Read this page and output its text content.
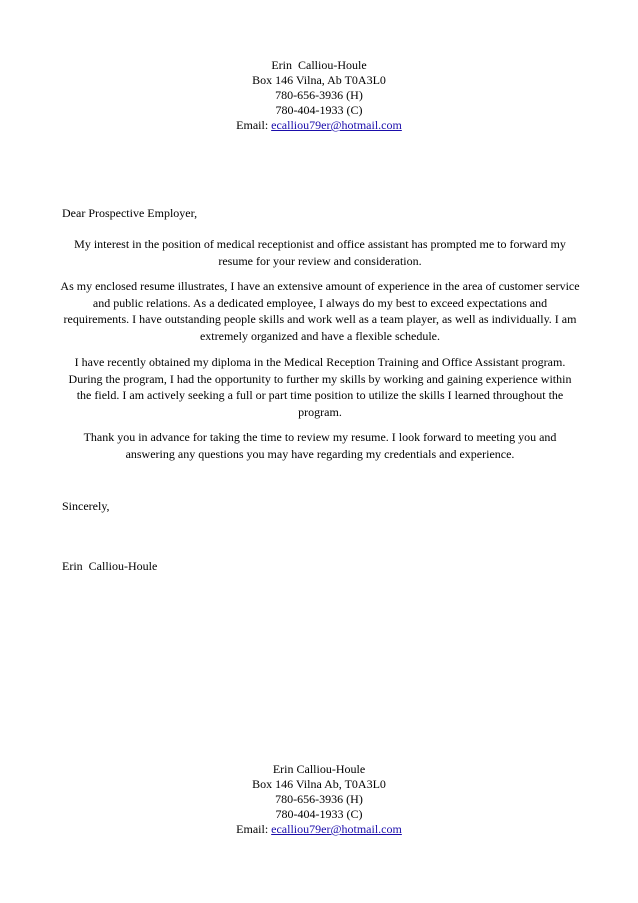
Erin  Calliou-Houle
Box 146 Vilna, Ab T0A3L0
780-656-3936 (H)
780-404-1933 (C)
Email: ecalliou79er@hotmail.com
Dear Prospective Employer,
My interest in the position of medical receptionist and office assistant has prompted me to forward my resume for your review and consideration.
As my enclosed resume illustrates, I have an extensive amount of experience in the area of customer service and public relations. As a dedicated employee, I always do my best to exceed expectations and requirements. I have outstanding people skills and work well as a team player, as well as individually. I am extremely organized and have a flexible schedule.
I have recently obtained my diploma in the Medical Reception Training and Office Assistant program. During the program, I had the opportunity to further my skills by working and gaining experience within the field. I am actively seeking a full or part time position to utilize the skills I learned throughout the program.
Thank you in advance for taking the time to review my resume. I look forward to meeting you and answering any questions you may have regarding my credentials and experience.
Sincerely,
Erin  Calliou-Houle
Erin Calliou-Houle
Box 146 Vilna Ab, T0A3L0
780-656-3936 (H)
780-404-1933 (C)
Email: ecalliou79er@hotmail.com
